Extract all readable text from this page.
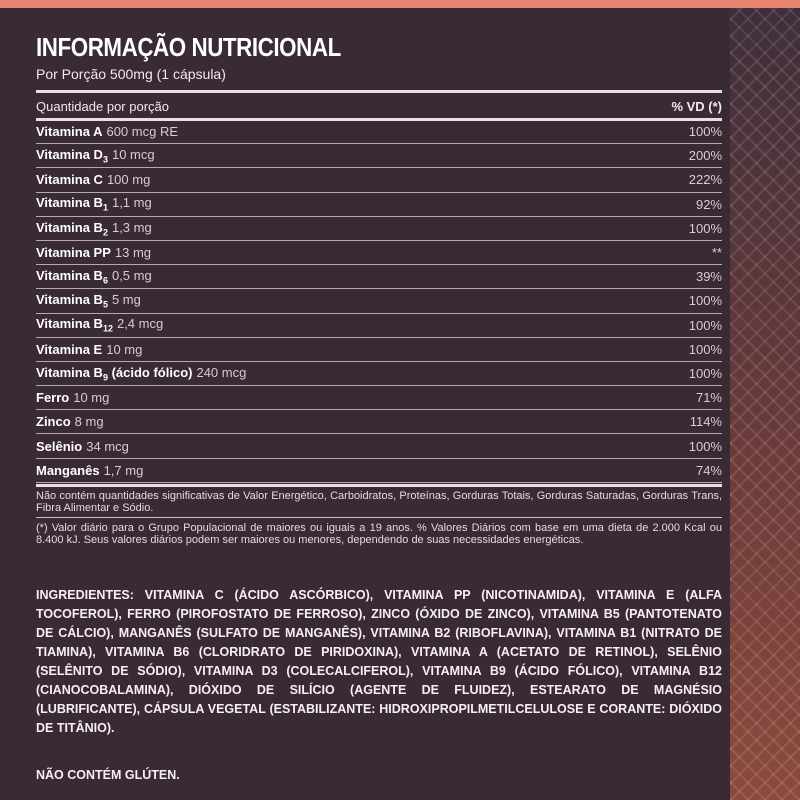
INFORMAÇÃO NUTRICIONAL
Por Porção 500mg (1 cápsula)
Quantidade por porção	% VD (*)
Vitamina A 600 mcg RE	100%
Vitamina $D_3$ 10 mcg	200%
Vitamina C 100 mg	222%
Vitamina $B_1$ 1,1 mg	92%
Vitamina $B_2$ 1,3 mg	100%
Vitamina PP 13 mg	**
Vitamina $B_6$ 0,5 mg	39%
Vitamina $B_5$ 5 mg	100%
Vitamina $B_{12}$ 2,4 mcg	100%
Vitamina E 10 mg	100%
Vitamina $B_9$ (ácido fólico) 240 mcg	100%
Ferro 10 mg	71%
Zinco 8 mg	114%
Selênio 34 mcg	100%
Manganês 1,7 mg	74%
Não contém quantidades significativas de Valor Energético, Carboidratos, Proteínas, Gorduras Totais, Gorduras Saturadas, Gorduras Trans, Fibra Alimentar e Sódio.
(*) Valor diário para o Grupo Populacional de maiores ou iguais a 19 anos. % Valores Diários com base em uma dieta de 2.000 Kcal ou 8.400 kJ. Seus valores diários podem ser maiores ou menores, dependendo de suas necessidades energéticas.
INGREDIENTES: VITAMINA C (ÁCIDO ASCÓRBICO), VITAMINA PP (NICOTINAMIDA), VITAMINA E (ALFA TOCOFEROL), FERRO (PIROFOSTATO DE FERROSO), ZINCO (ÓXIDO DE ZINCO), VITAMINA B5 (PANTOTENATO DE CÁLCIO), MANGANÊS (SULFATO DE MANGANÊS), VITAMINA B2 (RIBOFLAVINA), VITAMINA B1 (NITRATO DE TIAMINA), VITAMINA B6 (CLORIDRATO DE PIRIDOXINA), VITAMINA A (ACETATO DE RETINOL), SELÊNIO (SELÊNITO DE SÓDIO), VITAMINA D3 (COLECALCIFEROL), VITAMINA B9 (ÁCIDO FÓLICO), VITAMINA B12 (CIANOCOBALAMINA), DIÓXIDO DE SILÍCIO (AGENTE DE FLUIDEZ), ESTEARATO DE MAGNÉSIO (LUBRIFICANTE), CÁPSULA VEGETAL (ESTABILIZANTE: HIDROXIPROPILMETILCELULOSE E CORANTE: DIÓXIDO DE TITÂNIO).
NÃO CONTÉM GLÚTEN.
